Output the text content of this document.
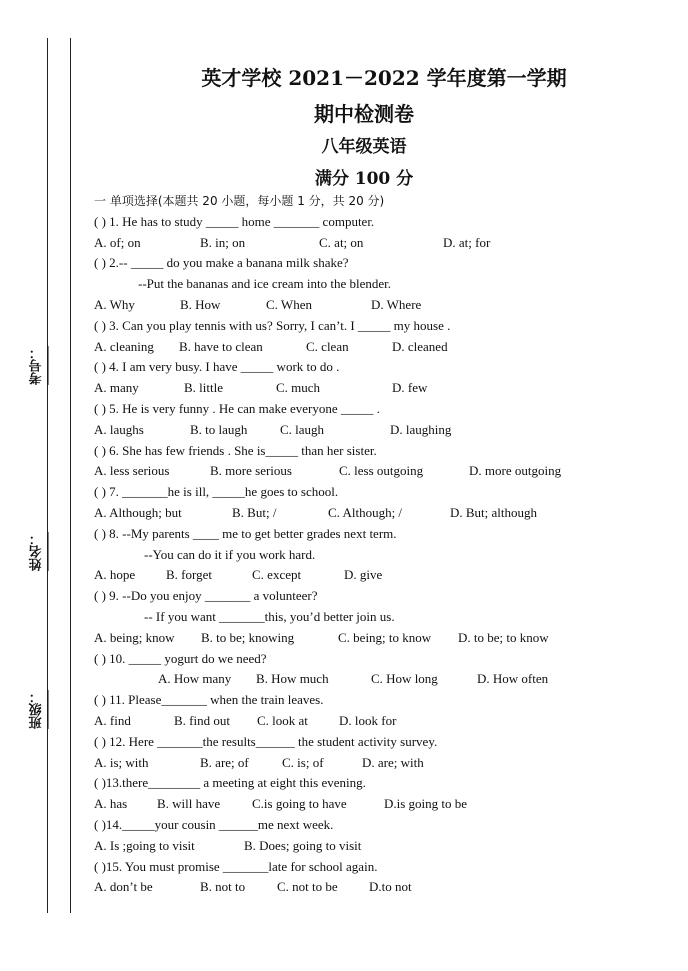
考号：
姓名：
班级：
英才学校 2021－2022 学年度第一学期
期中检测卷
八年级英语
满分 100 分
一 单项选择(本题共 20 小题，每小题 1 分，共 20 分)
( ) 1. He has to study _____ home _______ computer.
A. of; on	B. in; on	C. at; on	D. at; for
( ) 2.-- _____ do you make a banana milk shake?
--Put the bananas and ice cream into the blender.
A. Why	B. How	C. When	D. Where
( ) 3. Can you play tennis with us? Sorry, I can’t. I _____ my house .
A. cleaning B. have to clean	C. clean	D. cleaned
( ) 4. I am very busy. I have _____ work to do .
A. many	B. little	C. much	D. few
( ) 5. He is very funny . He can make everyone _____ .
A. laughs	B. to laugh	C. laugh	D. laughing
( ) 6. She has few friends . She is_____ than her sister.
A. less serious	B. more serious	C. less outgoing	D. more outgoing
( ) 7. _______he is ill, _____he goes to school.
A. Although; but	B. But; /	C. Although; /	D. But; although
( ) 8. --My parents ____ me to get better grades next term.
--You can do it if you work hard.
A. hope B. forget	C. except	D. give
( ) 9. --Do you enjoy _______ a volunteer?
-- If you want _______this, you’d better join us.
A. being; know B. to be; knowing	C. being; to know D. to be; to know
( ) 10. _____ yogurt do we need?
A. How many B. How much	C. How long	D. How often
( ) 11. Please_______ when the train leaves.
A. find	B. find out C. look at D. look for
( ) 12. Here _______the results______ the student activity survey.
A. is; with	B. are; of	C. is; of	D. are; with
( )13.there________ a meeting at eight this evening.
A. has B. will have C.is going to have	D.is going to be
( )14._____your cousin ______me next week.
A. Is ;going to visit	B. Does; going to visit
( )15. You must promise _______late for school again.
A. don’t be	B. not to C. not to be D.to not
